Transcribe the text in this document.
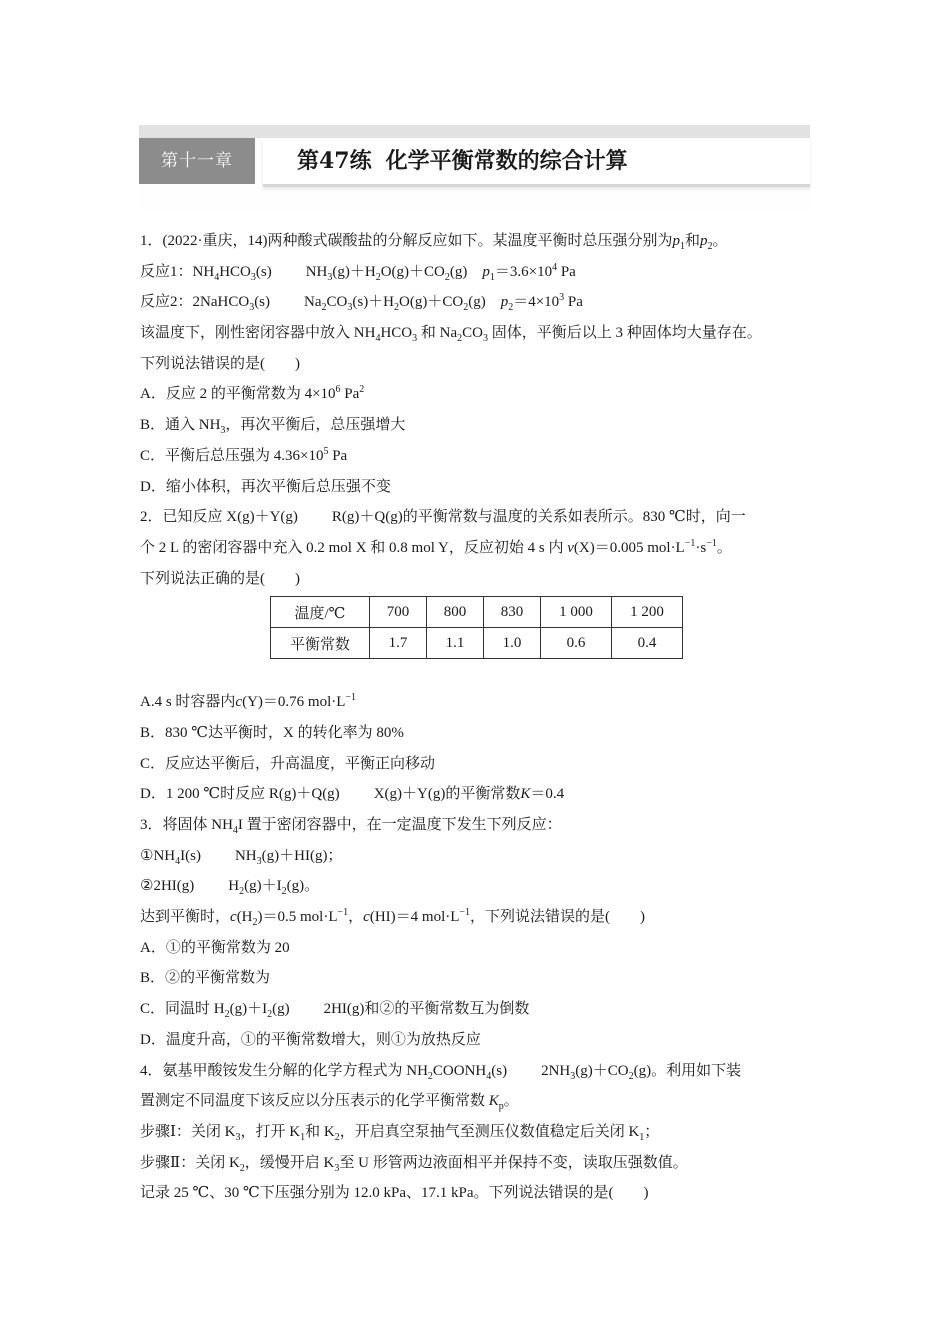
第十一章	第47练 化学平衡常数的综合计算
1．(2022·重庆，14)两种酸式碳酸盐的分解反应如下。某温度平衡时总压强分别为$p_1$和$p_2$。
反应1：$NH_4HCO_3(s)$ $NH_3(g)+H_2O(g)+CO_2(g)$    $p_1=3.6\times 10^4$ Pa
反应2：2NaHCO$_3$(s) $Na_2CO_3(s)+H_2O(g)+CO_2(g)$    $p_2=4\times 10^3$ Pa
该温度下，刚性密闭容器中放入 $NH_4HCO_3$ 和 $Na_2CO_3$ 固体，平衡后以上 3 种固体均大量存在。
下列说法错误的是(　　)
A．反应 2 的平衡常数为 $4\times 10^6$ Pa$^2$
B．通入 $NH_3$，再次平衡后，总压强增大
C．平衡后总压强为 $4.36\times 10^5$ Pa
D．缩小体积，再次平衡后总压强不变
2．已知反应 X(g)＋Y(g) R(g)＋Q(g)的平衡常数与温度的关系如表所示。830 ℃时，向一
个 2 L 的密闭容器中充入 0.2 mol X 和 0.8 mol Y，反应初始 4 s 内 v(X)＝0.005 $mol\cdot L^{-1}\cdot s^{-1}$。
下列说法正确的是(　　)
温度/℃	700	800	830	1 000	1 200
平衡常数	1.7	1.1	1.0	0.6	0.4
A.4 s 时容器内c(Y)＝0.76 $mol\cdot L^{-1}$
B．830 ℃达平衡时，X 的转化率为 80%
C．反应达平衡后，升高温度，平衡正向移动
D．1 200 ℃时反应 R(g)＋Q(g) X(g)＋Y(g)的平衡常数K＝0.4
3．将固体 $NH_4I$ 置于密闭容器中，在一定温度下发生下列反应：
$①NH_4I(s)$ $NH_3(g)+HI(g)$；
②2HI(g) $H_2(g)+I_2(g)$。
达到平衡时，$c(H_2)=0.5$ $mol\cdot L^{-1}$，c(HI)＝4 $mol\cdot L^{-1}$，下列说法错误的是(　　)
A．①的平衡常数为 20
B．②的平衡常数为
C．同温时 $H_2(g)+I_2(g)$ 2HI(g)和②的平衡常数互为倒数
D．温度升高，①的平衡常数增大，则①为放热反应
4．氨基甲酸铵发生分解的化学方程式为 $NH_2COONH_4(s)$ $2NH_3(g)+CO_2(g)$。利用如下装
置测定不同温度下该反应以分压表示的化学平衡常数 $K_p$。
步骤Ⅰ：关闭 $K_3$，打开 $K_1$和 $K_2$，开启真空泵抽气至测压仪数值稳定后关闭 $K_1$；
步骤Ⅱ：关闭 $K_2$，缓慢开启 $K_3$至 U 形管两边液面相平并保持不变，读取压强数值。
记录 25 ℃、30 ℃下压强分别为 12.0 kPa、17.1 kPa。下列说法错误的是(　　)
